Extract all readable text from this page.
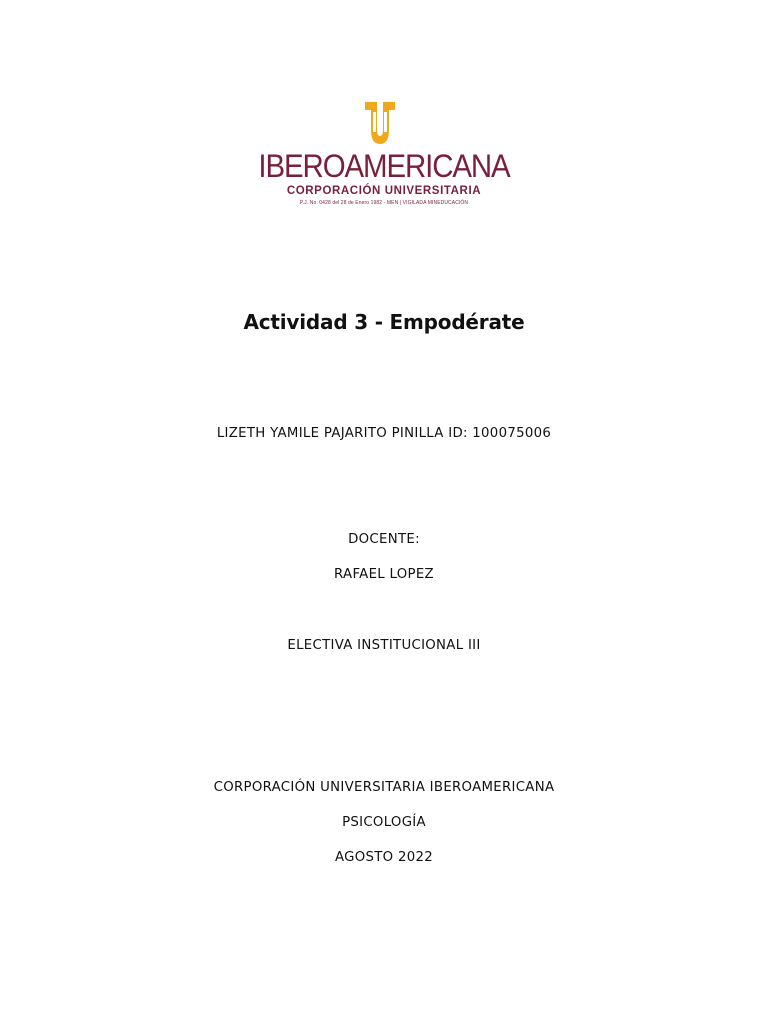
IBEROAMERICANA
CORPORACIÓN UNIVERSITARIA
P.J. No. 0428 del 28 de Enero 1982 - MEN | VIGILADA MINEDUCACIÓN
Actividad 3 - Empodérate
LIZETH YAMILE PAJARITO PINILLA ID: 100075006
DOCENTE:
RAFAEL LOPEZ
ELECTIVA INSTITUCIONAL III
CORPORACIÓN UNIVERSITARIA IBEROAMERICANA
PSICOLOGÍA
AGOSTO 2022
